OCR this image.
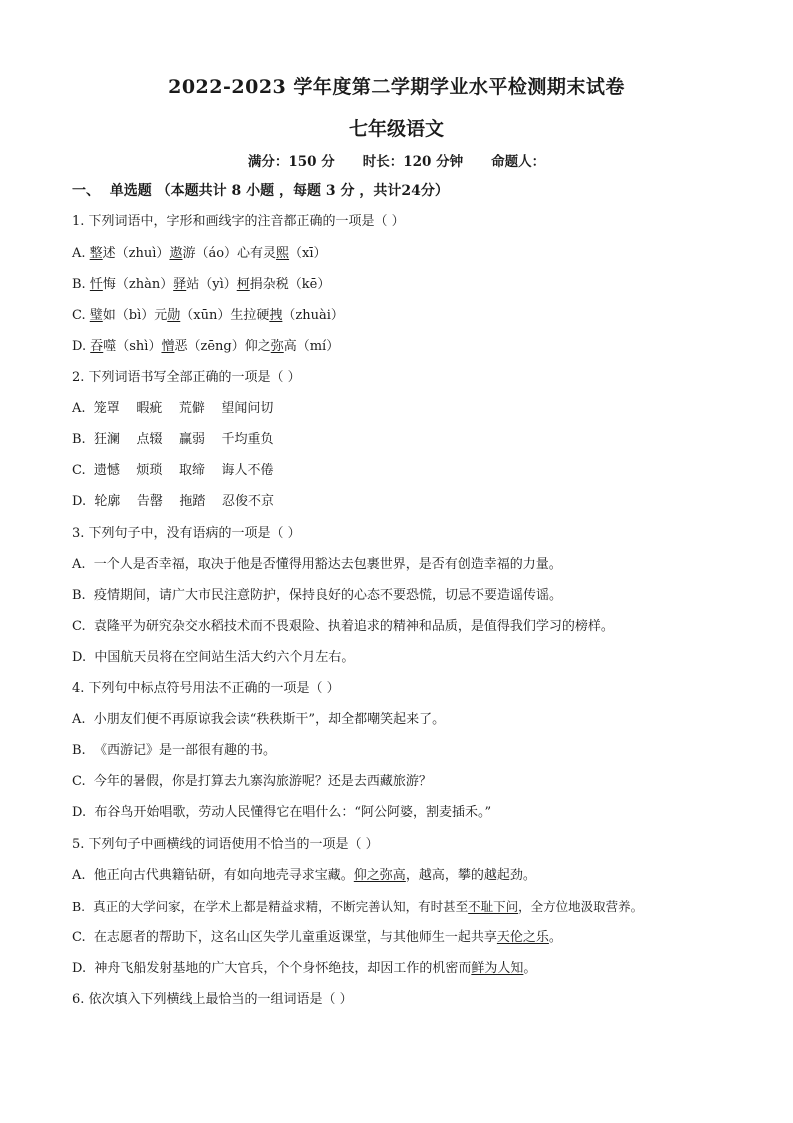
2022-2023 学年度第二学期学业水平检测期末试卷
七年级语文
满分：150 分 时长：120 分钟 命题人：
一、  单选题 （本题共计 8 小题 ，每题 3 分 ，共计24分）
1. 下列词语中，字形和画线字的注音都正确的一项是（ ）
A. 整述（zhuì）遨游（áo）心有灵熙（xī）
B. 忏悔（zhàn）驿站（yì）柯捐杂税（kē）
C. 璧如（bì）元勋（xūn）生拉硬拽（zhuài）
D. 吞噬（shì）憎恶（zēng）仰之弥高（mí）
2. 下列词语书写全部正确的一项是（ ）
A.  笼罩    暇疵    荒僻    望闻问切
B.  狂澜    点辍    赢弱    千均重负
C.  遗憾    烦琐    取缔    诲人不倦
D.  轮廓    告罄    拖踏    忍俊不京
3. 下列句子中，没有语病的一项是（ ）
A.  一个人是否幸福，取决于他是否懂得用豁达去包裹世界，是否有创造幸福的力量。
B.  疫情期间，请广大市民注意防护，保持良好的心态不要恐慌，切忌不要造谣传谣。
C.  袁隆平为研究杂交水稻技术而不畏艰险、执着追求的精神和品质，是值得我们学习的榜样。
D.  中国航天员将在空间站生活大约六个月左右。
4. 下列句中标点符号用法不正确的一项是（ ）
A.  小朋友们便不再原谅我会读“秩秩斯干”，却全都嘲笑起来了。
B.  《西游记》是一部很有趣的书。
C.  今年的暑假，你是打算去九寨沟旅游呢？还是去西藏旅游？
D.  布谷鸟开始唱歌，劳动人民懂得它在唱什么：“阿公阿婆，割麦插禾。”
5. 下列句子中画横线的词语使用不恰当的一项是（ ）
A.  他正向古代典籍钻研，有如向地壳寻求宝藏。仰之弥高，越高，攀的越起劲。
B.  真正的大学问家，在学术上都是精益求精，不断完善认知，有时甚至不耻下问，全方位地汲取营养。
C.  在志愿者的帮助下，这名山区失学儿童重返课堂，与其他师生一起共享天伦之乐。
D.  神舟飞船发射基地的广大官兵，个个身怀绝技，却因工作的机密而鲜为人知。
6. 依次填入下列横线上最恰当的一组词语是（ ）
